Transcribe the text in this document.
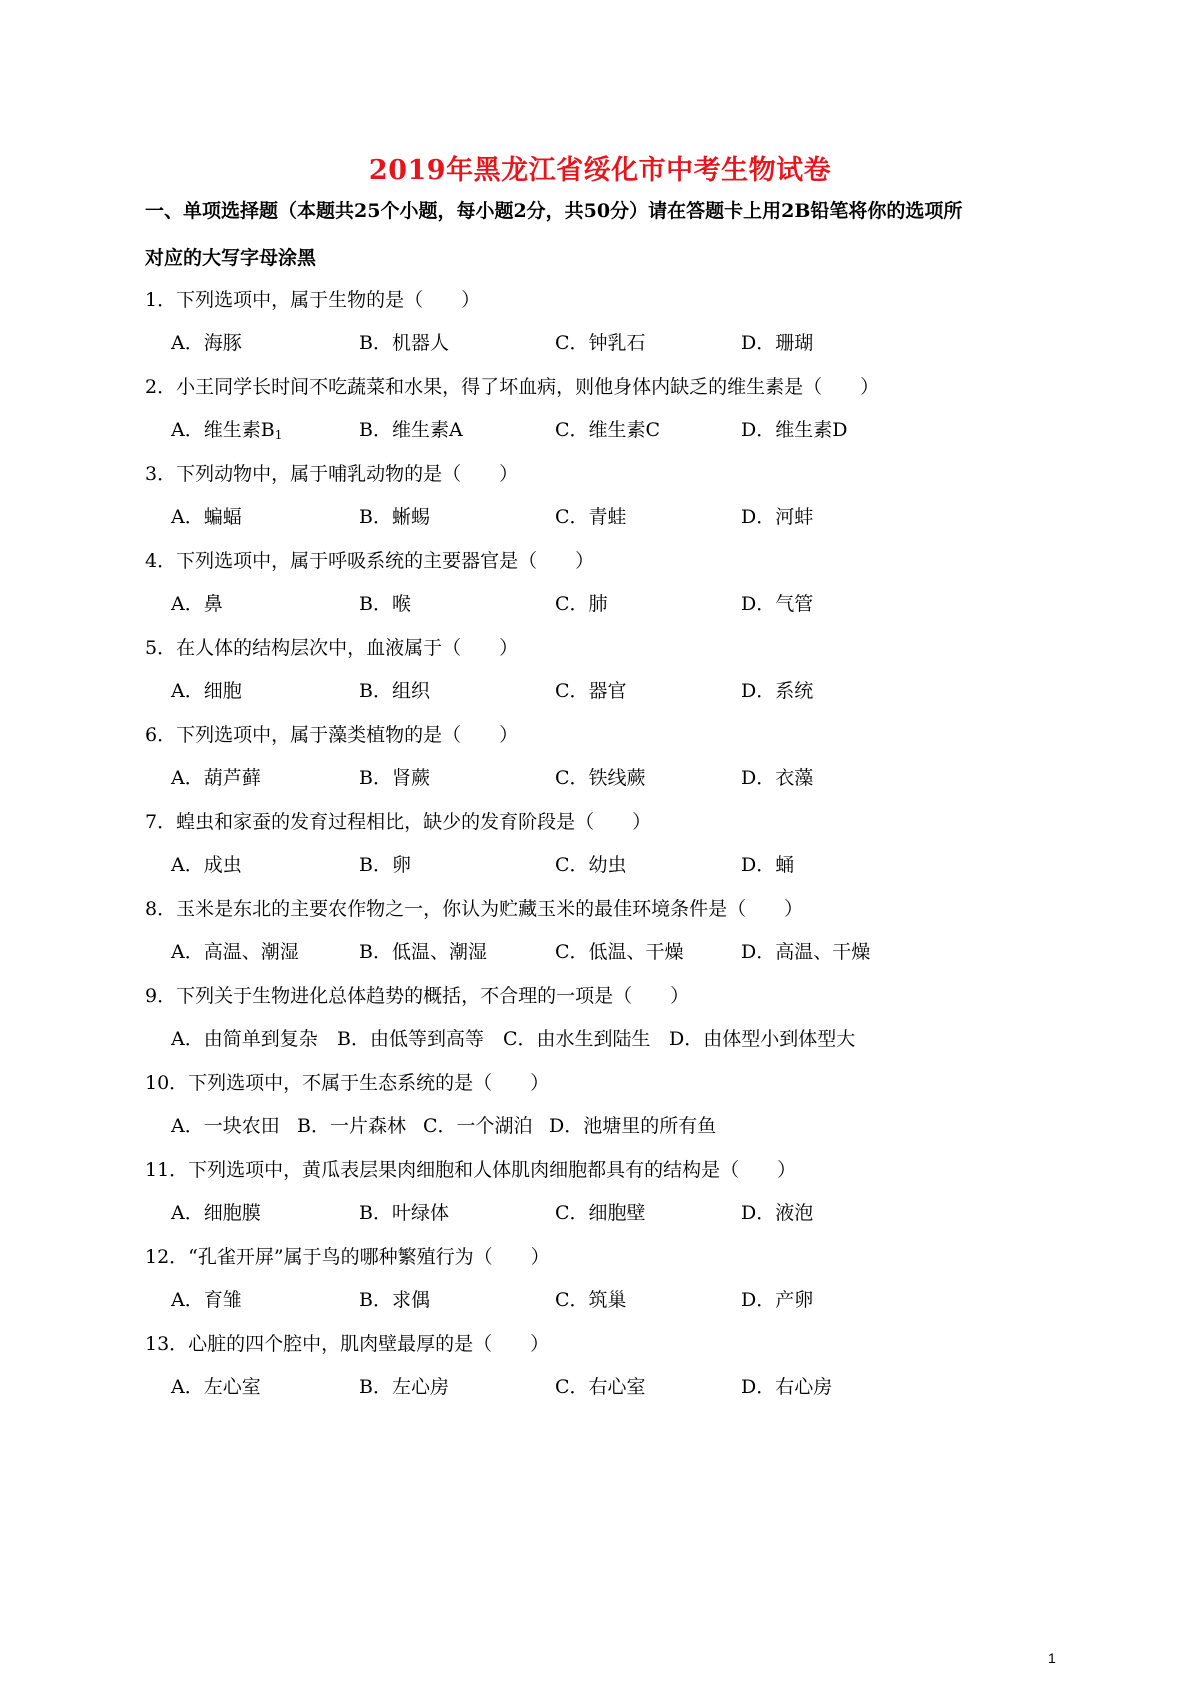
2019年黑龙江省绥化市中考生物试卷
一、单项选择题（本题共25个小题，每小题2分，共50分）请在答题卡上用2B铅笔将你的选项所
对应的大写字母涂黑
1．下列选项中，属于生物的是（　　）
A．海豚	B．机器人	C．钟乳石	D．珊瑚
2．小王同学长时间不吃蔬菜和水果，得了坏血病，则他身体内缺乏的维生素是（　　）
A．维生素$B_1$	B．维生素A	C．维生素C	D．维生素D
3．下列动物中，属于哺乳动物的是（　　）
A．蝙蝠	B．蜥蜴	C．青蛙	D．河蚌
4．下列选项中，属于呼吸系统的主要器官是（　　）
A．鼻	B．喉	C．肺	D．气管
5．在人体的结构层次中，血液属于（　　）
A．细胞	B．组织	C．器官	D．系统
6．下列选项中，属于藻类植物的是（　　）
A．葫芦藓	B．肾蕨	C．铁线蕨	D．衣藻
7．蝗虫和家蚕的发育过程相比，缺少的发育阶段是（　　）
A．成虫	B．卵	C．幼虫	D．蛹
8．玉米是东北的主要农作物之一，你认为贮藏玉米的最佳环境条件是（　　）
A．高温、潮湿	B．低温、潮湿	C．低温、干燥	D．高温、干燥
9．下列关于生物进化总体趋势的概括，不合理的一项是（　　）
A．由简单到复杂 B．由低等到高等 C．由水生到陆生 D．由体型小到体型大
10．下列选项中，不属于生态系统的是（　　）
A．一块农田 B．一片森林 C．一个湖泊 D．池塘里的所有鱼
11．下列选项中，黄瓜表层果肉细胞和人体肌肉细胞都具有的结构是（　　）
A．细胞膜	B．叶绿体	C．细胞壁	D．液泡
12．“孔雀开屏”属于鸟的哪种繁殖行为（　　）
A．育雏	B．求偶	C．筑巢	D．产卵
13．心脏的四个腔中，肌肉壁最厚的是（　　）
A．左心室	B．左心房	C．右心室	D．右心房
1
